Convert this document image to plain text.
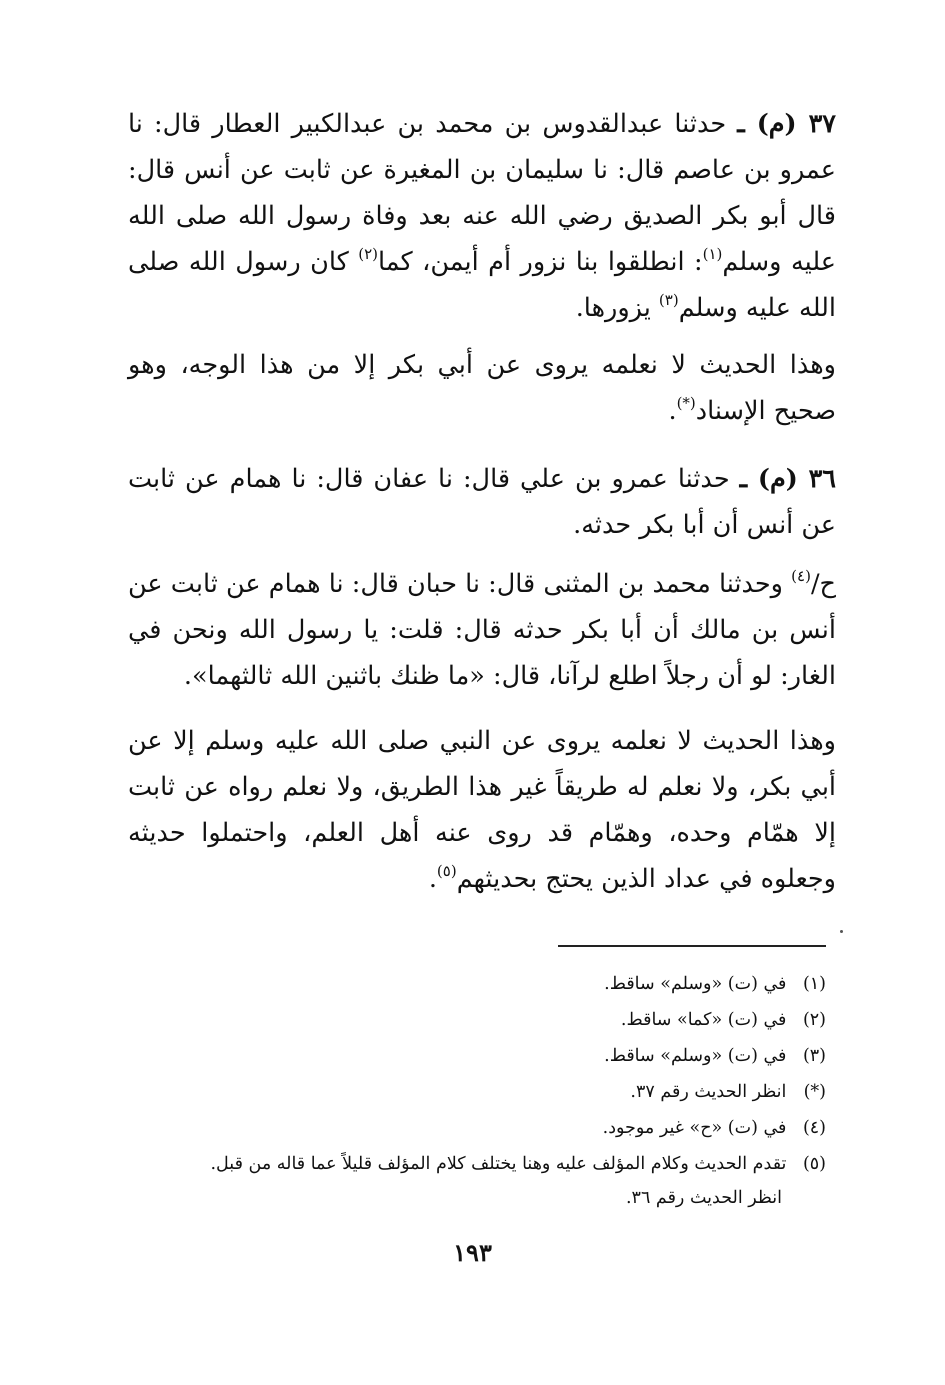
٣٧ (م) ـ حدثنا عبدالقدوس بن محمد بن عبدالكبير العطار قال: نا عمرو بن عاصم قال: نا سليمان بن المغيرة عن ثابت عن أنس قال: قال أبو بكر الصديق رضي الله عنه بعد وفاة رسول الله صلى الله عليه وسلم$^{(١)}$: انطلقوا بنا نزور أم أيمن، كما$^{(٢)}$ كان رسول الله صلى الله عليه وسلم$^{(٣)}$ يزورها.

وهذا الحديث لا نعلمه يروى عن أبي بكر إلا من هذا الوجه، وهو صحيح الإسناد(*).

٣٦ (م) ـ حدثنا عمرو بن علي قال: نا عفان قال: نا همام عن ثابت عن أنس أن أبا بكر حدثه.

ح/$^{(٤)}$ وحدثنا محمد بن المثنى قال: نا حبان قال: نا همام عن ثابت عن أنس بن مالك أن أبا بكر حدثه قال: قلت: يا رسول الله ونحن في الغار: لو أن رجلاً اطلع لرآنا، قال: «ما ظنك باثنين الله ثالثهما».

وهذا الحديث لا نعلمه يروى عن النبي صلى الله عليه وسلم إلا عن أبي بكر، ولا نعلم له طريقاً غير هذا الطريق، ولا نعلم رواه عن ثابت إلا همّام وحده، وهمّام قد روى عنه أهل العلم، واحتملوا حديثه وجعلوه في عداد الذين يحتج بحديثهم$^{(٥)}$.

(١) في (ت) «وسلم» ساقط.

(٢) في (ت) «كما» ساقط.

(٣) في (ت) «وسلم» ساقط.

(*) انظر الحديث رقم ٣٧.

(٤) في (ت) «ح» غير موجود.

(٥) تقدم الحديث وكلام المؤلف عليه وهنا يختلف كلام المؤلف قليلاً عما قاله من قبل.

انظر الحديث رقم ٣٦.
١٩٣
